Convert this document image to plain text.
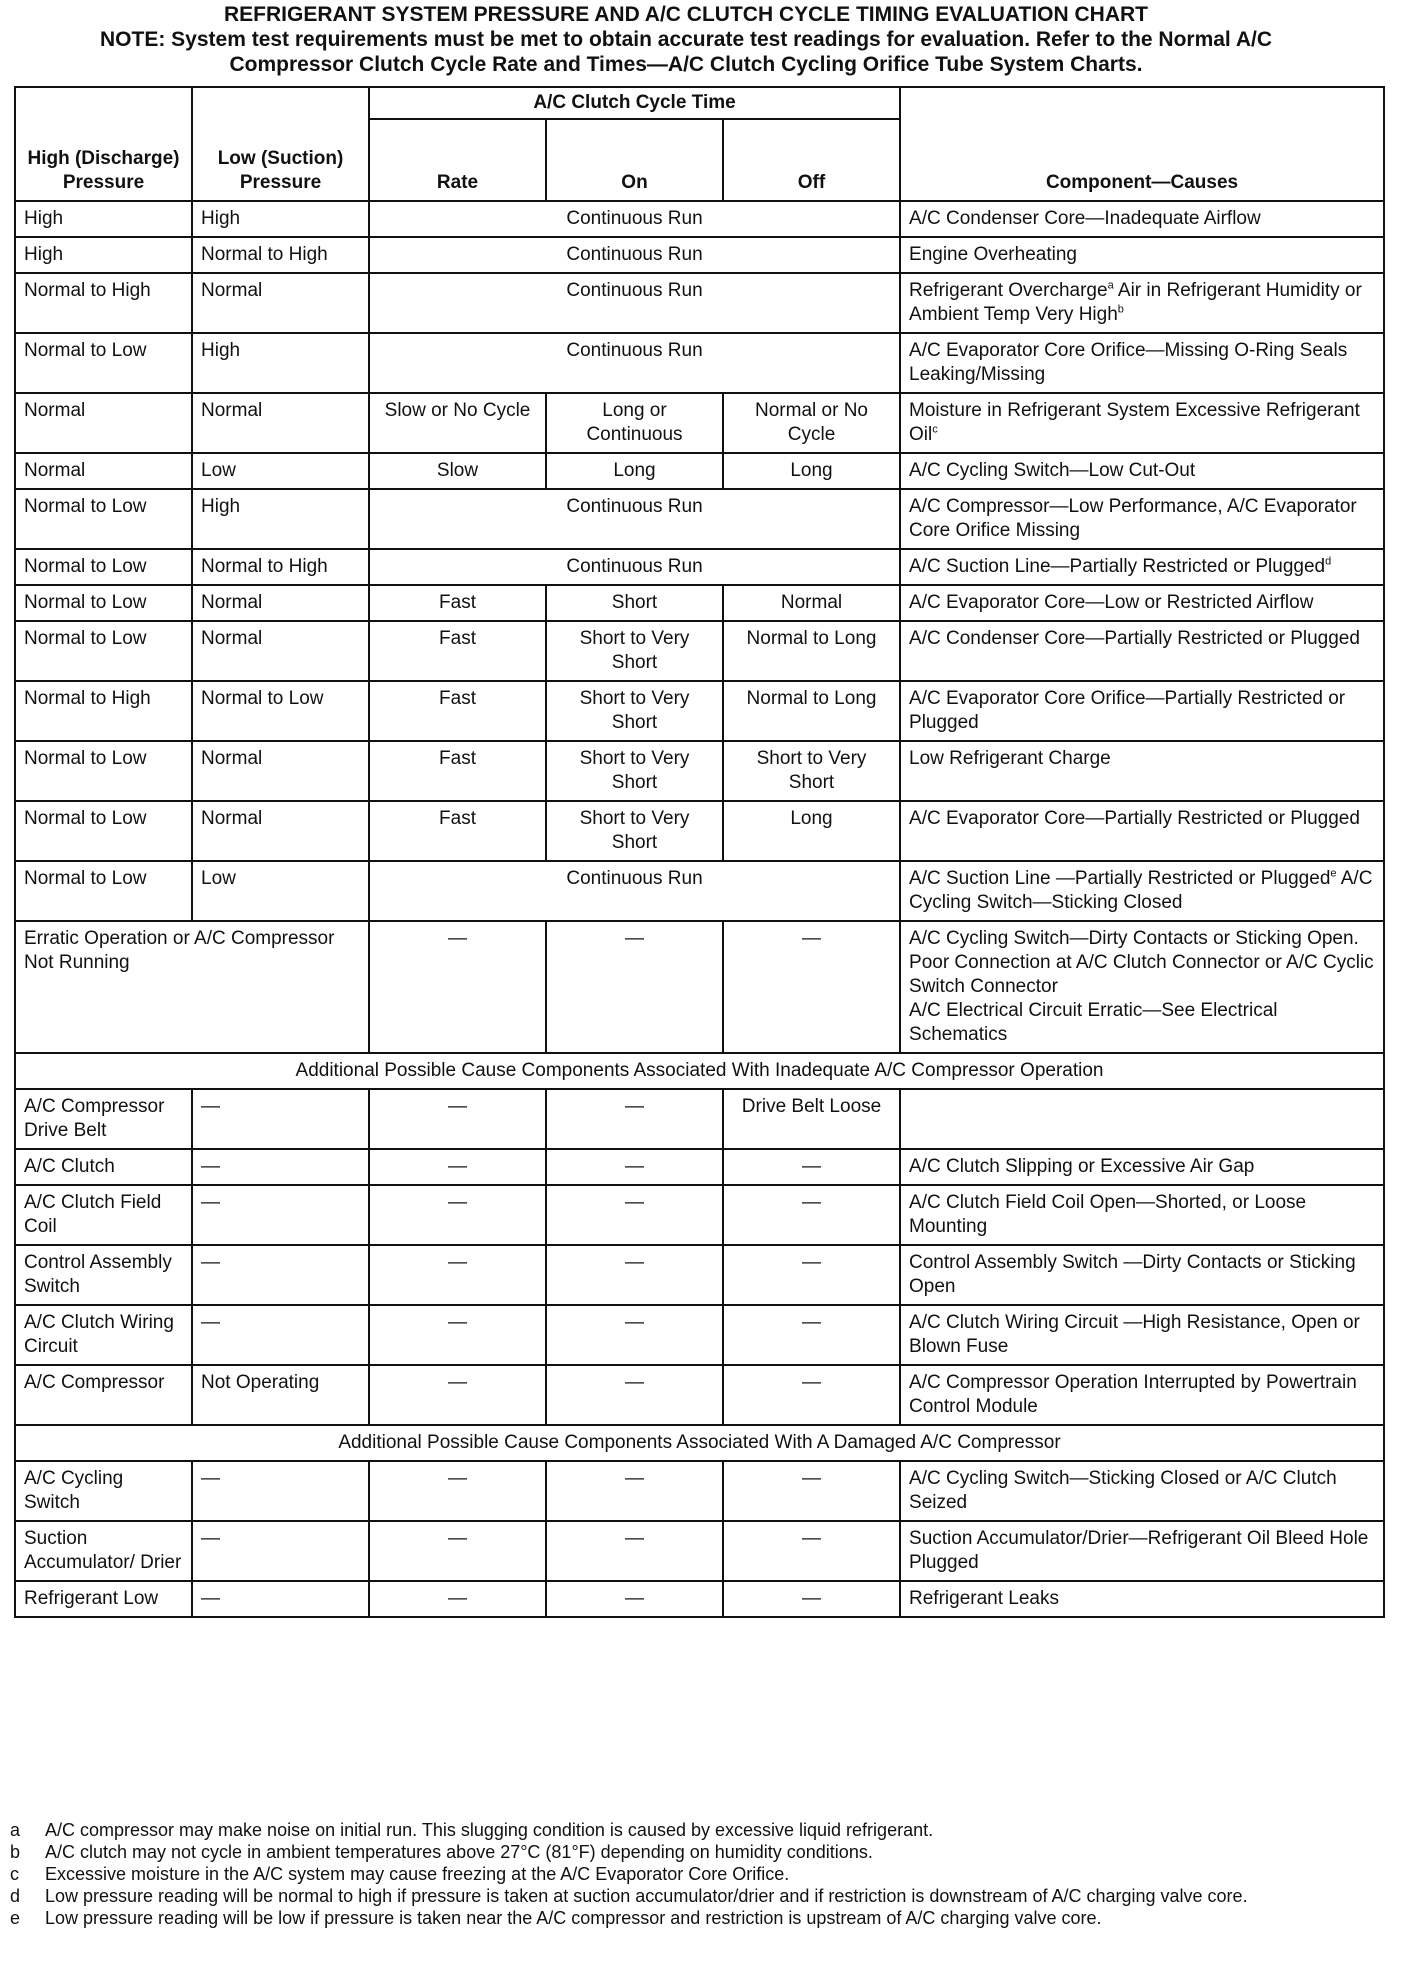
REFRIGERANT SYSTEM PRESSURE AND A/C CLUTCH CYCLE TIMING EVALUATION CHART
NOTE: System test requirements must be met to obtain accurate test readings for evaluation. Refer to the Normal A/C
Compressor Clutch Cycle Rate and Times—A/C Clutch Cycling Orifice Tube System Charts.
High (Discharge) Pressure	Low (Suction) Pressure	A/C Clutch Cycle Time			Component—Causes
		Rate	On	Off	
High	High	Continuous Run			A/C Condenser Core—Inadequate Airflow
High	Normal to High	Continuous Run			Engine Overheating
Normal to High	Normal	Continuous Run			Refrigerant Overcharge$^a$ Air in Refrigerant Humidity or Ambient Temp Very High$^b$
Normal to Low	High	Continuous Run			A/C Evaporator Core Orifice—Missing O-Ring Seals Leaking/Missing
Normal	Normal	Slow or No Cycle	Long or Continuous	Normal or No Cycle	Moisture in Refrigerant System Excessive Refrigerant Oil$^c$
Normal	Low	Slow	Long	Long	A/C Cycling Switch—Low Cut-Out
Normal to Low	High	Continuous Run			A/C Compressor—Low Performance, A/C Evaporator Core Orifice Missing
Normal to Low	Normal to High	Continuous Run			A/C Suction Line—Partially Restricted or Plugged$^d$
Normal to Low	Normal	Fast	Short	Normal	A/C Evaporator Core—Low or Restricted Airflow
Normal to Low	Normal	Fast	Short to Very Short	Normal to Long	A/C Condenser Core—Partially Restricted or Plugged
Normal to High	Normal to Low	Fast	Short to Very Short	Normal to Long	A/C Evaporator Core Orifice—Partially Restricted or Plugged
Normal to Low	Normal	Fast	Short to Very Short	Short to Very Short	Low Refrigerant Charge
Normal to Low	Normal	Fast	Short to Very Short	Long	A/C Evaporator Core—Partially Restricted or Plugged
Normal to Low	Low	Continuous Run			A/C Suction Line —Partially Restricted or Plugged$^e$ A/C Cycling Switch—Sticking Closed
Erratic Operation or A/C Compressor Not Running		—	—	—	A/C Cycling Switch—Dirty Contacts or Sticking Open.
Poor Connection at A/C Clutch Connector or A/C Cyclic Switch Connector
A/C Electrical Circuit Erratic—See Electrical Schematics

Additional Possible Cause Components Associated With Inadequate A/C Compressor Operation					
A/C Compressor Drive Belt	—	—	—	Drive Belt Loose	
A/C Clutch	—	—	—	—	A/C Clutch Slipping or Excessive Air Gap
A/C Clutch Field Coil	—	—	—	—	A/C Clutch Field Coil Open—Shorted, or Loose Mounting
Control Assembly Switch	—	—	—	—	Control Assembly Switch —Dirty Contacts or Sticking Open
A/C Clutch Wiring Circuit	—	—	—	—	A/C Clutch Wiring Circuit —High Resistance, Open or Blown Fuse
A/C Compressor	Not Operating	—	—	—	A/C Compressor Operation Interrupted by Powertrain Control Module
Additional Possible Cause Components Associated With A Damaged A/C Compressor					
A/C Cycling Switch	—	—	—	—	A/C Cycling Switch—Sticking Closed or A/C Clutch Seized
Suction Accumulator/ Drier	—	—	—	—	Suction Accumulator/Drier—Refrigerant Oil Bleed Hole Plugged
Refrigerant Low	—	—	—	—	Refrigerant Leaks
a	A/C compressor may make noise on initial run. This slugging condition is caused by excessive liquid refrigerant.
b	A/C clutch may not cycle in ambient temperatures above 27°C (81°F) depending on humidity conditions.
c	Excessive moisture in the A/C system may cause freezing at the A/C Evaporator Core Orifice.
d	Low pressure reading will be normal to high if pressure is taken at suction accumulator/drier and if restriction is downstream of A/C charging valve core.
e	Low pressure reading will be low if pressure is taken near the A/C compressor and restriction is upstream of A/C charging valve core.
